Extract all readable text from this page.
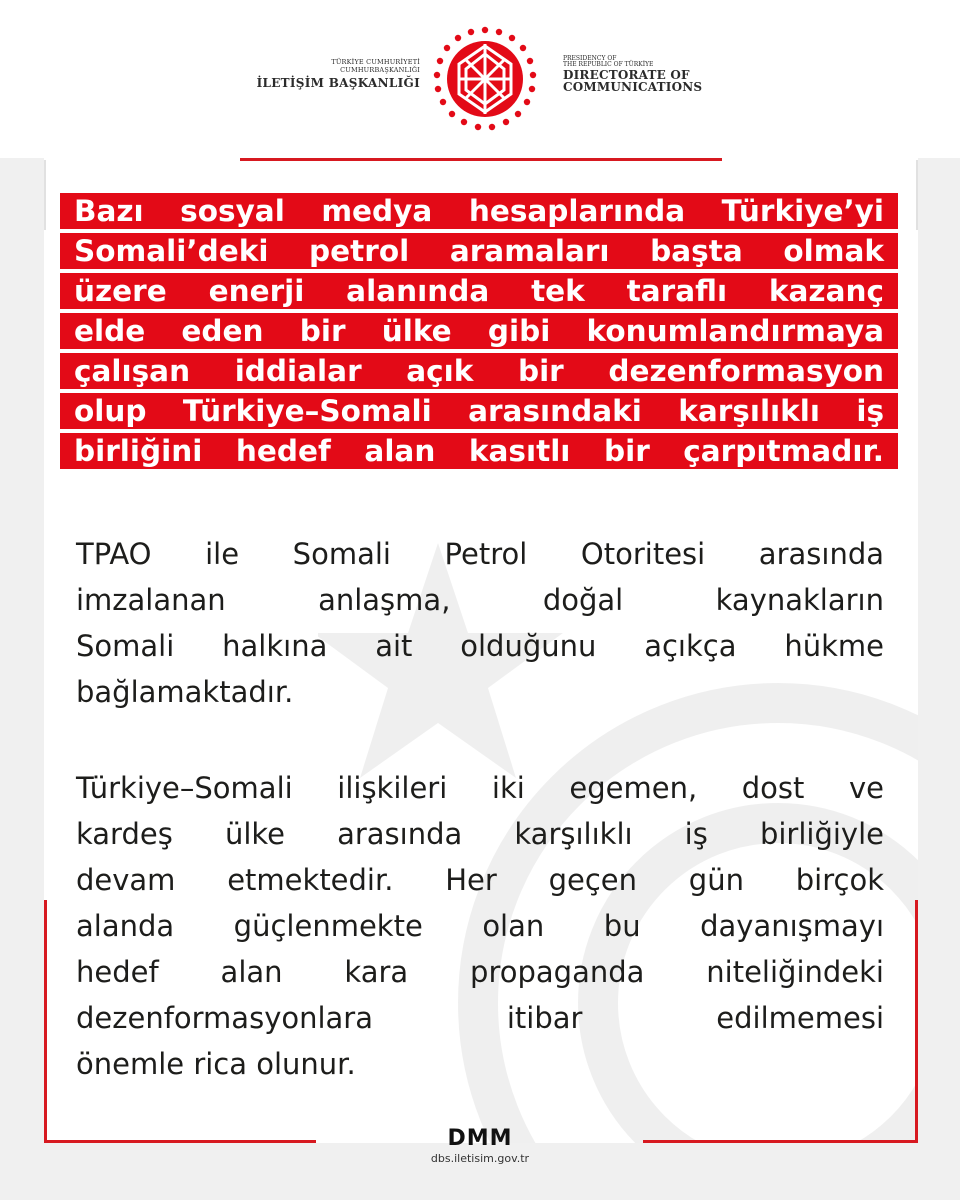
TÜRKİYE CUMHURİYETİ CUMHURBAŞKANLIĞI
İLETİŞİM BAŞKANLIĞI
PRESIDENCY OF
THE REPUBLIC OF TÜRKİYE
DIRECTORATE OF
COMMUNICATIONS
Bazı sosyal medya hesaplarında Türkiye’yi
Somali’deki petrol aramaları başta olmak
üzere enerji alanında tek taraflı kazanç
elde eden bir ülke gibi konumlandırmaya
çalışan iddialar açık bir dezenformasyon
olup Türkiye–Somali arasındaki karşılıklı iş
birliğini hedef alan kasıtlı bir çarpıtmadır.
TPAO ile Somali Petrol Otoritesi arasında
imzalanan anlaşma, doğal kaynakların
Somali halkına ait olduğunu açıkça hükme
bağlamaktadır.
Türkiye–Somali ilişkileri iki egemen, dost ve
kardeş ülke arasında karşılıklı iş birliğiyle
devam etmektedir. Her geçen gün birçok
alanda güçlenmekte olan bu dayanışmayı
hedef alan kara propaganda niteliğindeki
dezenformasyonlara itibar edilmemesi
önemle rica olunur.
DMM
dbs.iletisim.gov.tr
